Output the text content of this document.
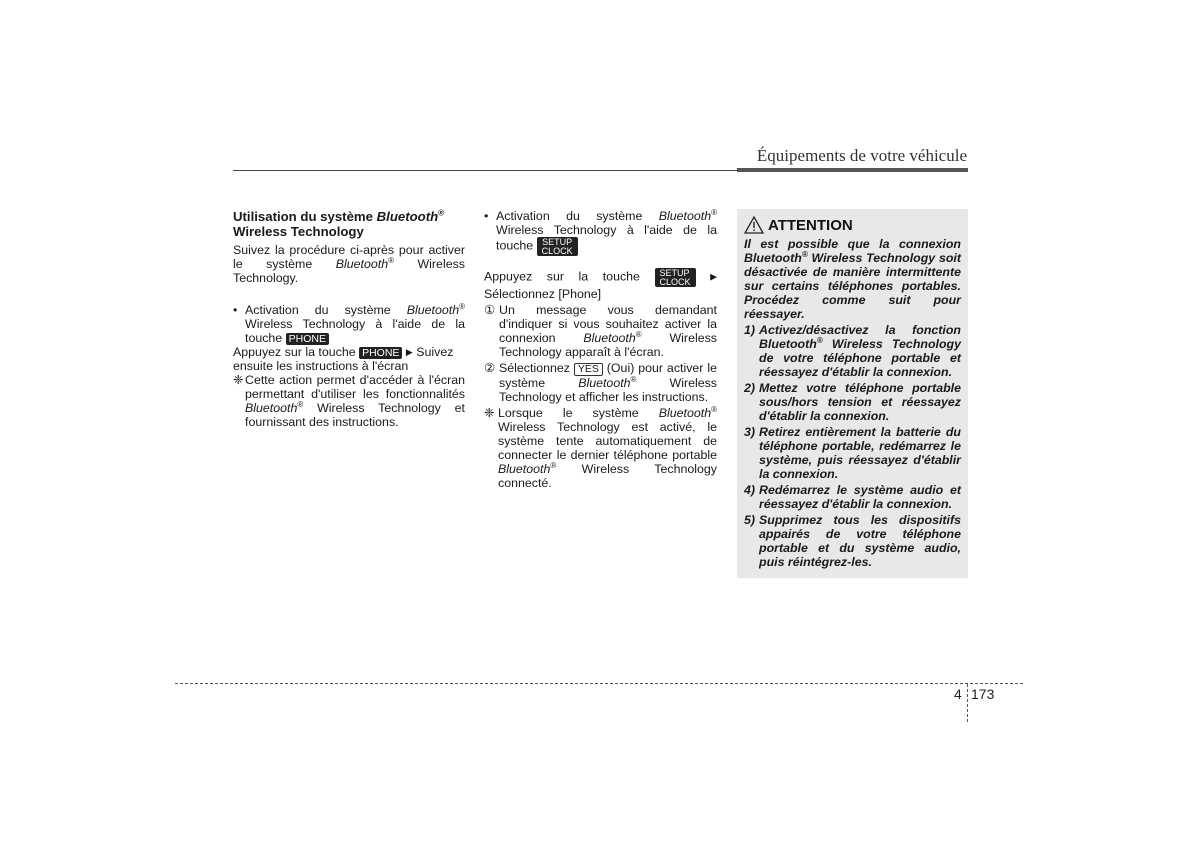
Équipements de votre véhicule
Utilisation du système Bluetooth®
Wireless Technology

Suivez la procédure ci-après pour activer le système Bluetooth® Wireless Technology.

• Activation du système Bluetooth® Wireless Technology à l'aide de la touche PHONE

Appuyez sur la touche PHONE ▶ Suivez ensuite les instructions à l'écran

❈ Cette action permet d'accéder à l'écran permettant d'utiliser les fonctionnalités Bluetooth® Wireless Technology et fournissant des instructions.
• Activation du système Bluetooth® Wireless Technology à l'aide de la touche SETUP
CLOCK

Appuyez sur la touche SETUP
CLOCK ▶

Sélectionnez [Phone]

① Un message vous demandant d'indiquer si vous souhaitez activer la connexion Bluetooth® Wireless Technology apparaît à l'écran.
② Sélectionnez YES (Oui) pour activer le système Bluetooth® Wireless Technology et afficher les instructions.
❈ Lorsque le système Bluetooth® Wireless Technology est activé, le système tente automatiquement de connecter le dernier téléphone portable Bluetooth® Wireless Technology connecté.
ATTENTION

Il est possible que la connexion Bluetooth® Wireless Technology soit désactivée de manière intermittente sur certains téléphones portables. Procédez comme suit pour réessayer.

1) Activez/désactivez la fonction Bluetooth® Wireless Technology de votre téléphone portable et réessayez d'établir la connexion.
2) Mettez votre téléphone portable sous/hors tension et réessayez d'établir la connexion.
3) Retirez entièrement la batterie du téléphone portable, redémarrez le système, puis réessayez d'établir la connexion.
4) Redémarrez le système audio et réessayez d'établir la connexion.
5) Supprimez tous les dispositifs appairés de votre téléphone portable et du système audio, puis réintégrez-les.
4 173
